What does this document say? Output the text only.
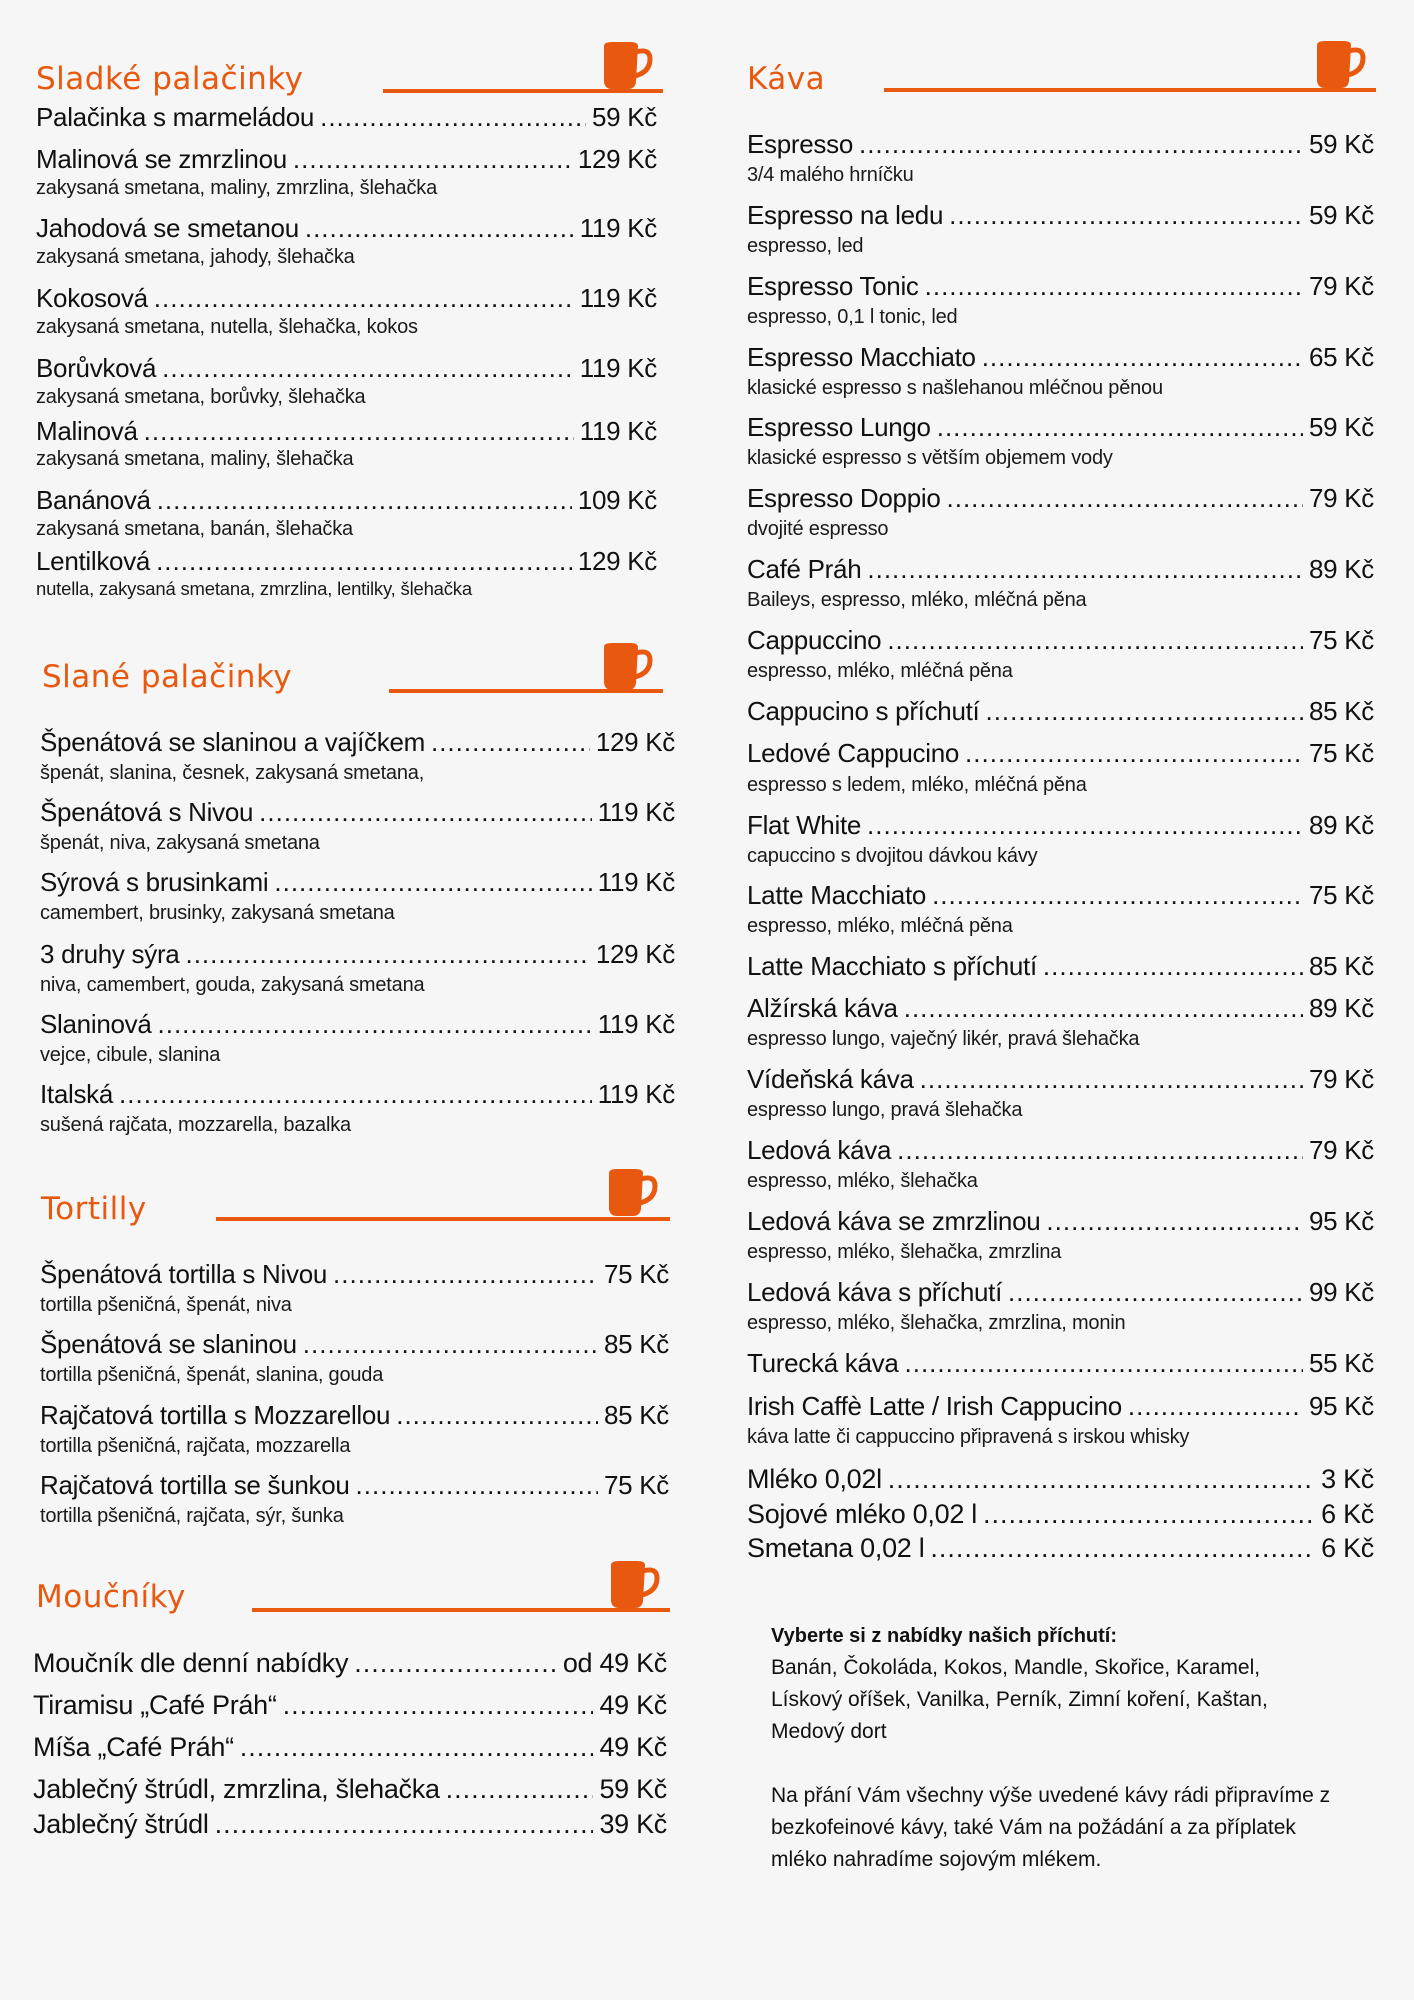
Sladké palačinky
Slané palačinky
Tortilly
Moučníky
Káva
Palačinka s marmeládou .....	59 Kč
Malinová se zmrzlinou .....	129 Kč
zakysaná smetana, maliny, zmrzlina, šlehačka
Jahodová se smetanou .....	119 Kč
zakysaná smetana, jahody, šlehačka
Kokosová .....	119 Kč
zakysaná smetana, nutella, šlehačka, kokos
Borůvková .....	119 Kč
zakysaná smetana, borůvky, šlehačka
Malinová .....	119 Kč
zakysaná smetana, maliny, šlehačka
Banánová .....	109 Kč
zakysaná smetana, banán, šlehačka
Lentilková .....	129 Kč
nutella, zakysaná smetana, zmrzlina, lentilky, šlehačka
Špenátová se slaninou a vajíčkem .....	129 Kč
špenát, slanina, česnek, zakysaná smetana,
Špenátová s Nivou .....	119 Kč
špenát, niva, zakysaná smetana
Sýrová s brusinkami .....	119 Kč
camembert, brusinky, zakysaná smetana
3 druhy sýra .....	129 Kč
niva, camembert, gouda, zakysaná smetana
Slaninová .....	119 Kč
vejce, cibule, slanina
Italská .....	119 Kč
sušená rajčata, mozzarella, bazalka
Špenátová tortilla s Nivou .....	75 Kč
tortilla pšeničná, špenát, niva
Špenátová se slaninou .....	85 Kč
tortilla pšeničná, špenát, slanina, gouda
Rajčatová tortilla s Mozzarellou .....	85 Kč
tortilla pšeničná, rajčata, mozzarella
Rajčatová tortilla se šunkou .....	75 Kč
tortilla pšeničná, rajčata, sýr, šunka
Moučník dle denní nabídky .....	od 49 Kč
Tiramisu „Café Práh“ .....	49 Kč
Míša „Café Práh“ .....	49 Kč
Jablečný štrúdl, zmrzlina, šlehačka .....	59 Kč
Jablečný štrúdl .....	39 Kč
Espresso .....	59 Kč
3/4 malého hrníčku
Espresso na ledu .....	59 Kč
espresso, led
Espresso Tonic .....	79 Kč
espresso, 0,1 l tonic, led
Espresso Macchiato .....	65 Kč
klasické espresso s našlehanou mléčnou pěnou
Espresso Lungo .....	59 Kč
klasické espresso s větším objemem vody
Espresso Doppio .....	79 Kč
dvojité espresso
Café Práh .....	89 Kč
Baileys, espresso, mléko, mléčná pěna
Cappuccino .....	75 Kč
espresso, mléko, mléčná pěna
Cappucino s příchutí .....	85 Kč
Ledové Cappucino .....	75 Kč
espresso s ledem, mléko, mléčná pěna
Flat White .....	89 Kč
capuccino s dvojitou dávkou kávy
Latte Macchiato .....	75 Kč
espresso, mléko, mléčná pěna
Latte Macchiato s příchutí .....	85 Kč
Alžírská káva .....	89 Kč
espresso lungo, vaječný likér, pravá šlehačka
Vídeňská káva .....	79 Kč
espresso lungo, pravá šlehačka
Ledová káva .....	79 Kč
espresso, mléko, šlehačka
Ledová káva se zmrzlinou .....	95 Kč
espresso, mléko, šlehačka, zmrzlina
Ledová káva s příchutí .....	99 Kč
espresso, mléko, šlehačka, zmrzlina, monin
Turecká káva .....	55 Kč
Irish Caffè Latte / Irish Cappucino .....	95 Kč
káva latte či cappuccino připravená s irskou whisky
Mléko 0,02l .....	3 Kč
Sojové mléko 0,02 l .....	6 Kč
Smetana 0,02 l .....	6 Kč

Vyberte si z nabídky našich příchutí:

Banán, Čokoláda, Kokos, Mandle, Skořice, Karamel,

Lískový oříšek, Vanilka, Perník, Zimní koření, Kaštan,

Medový dort

Na přání Vám všechny výše uvedené kávy rádi připravíme z

bezkofeinové kávy, také Vám na požádání a za příplatek

mléko nahradíme sojovým mlékem.
